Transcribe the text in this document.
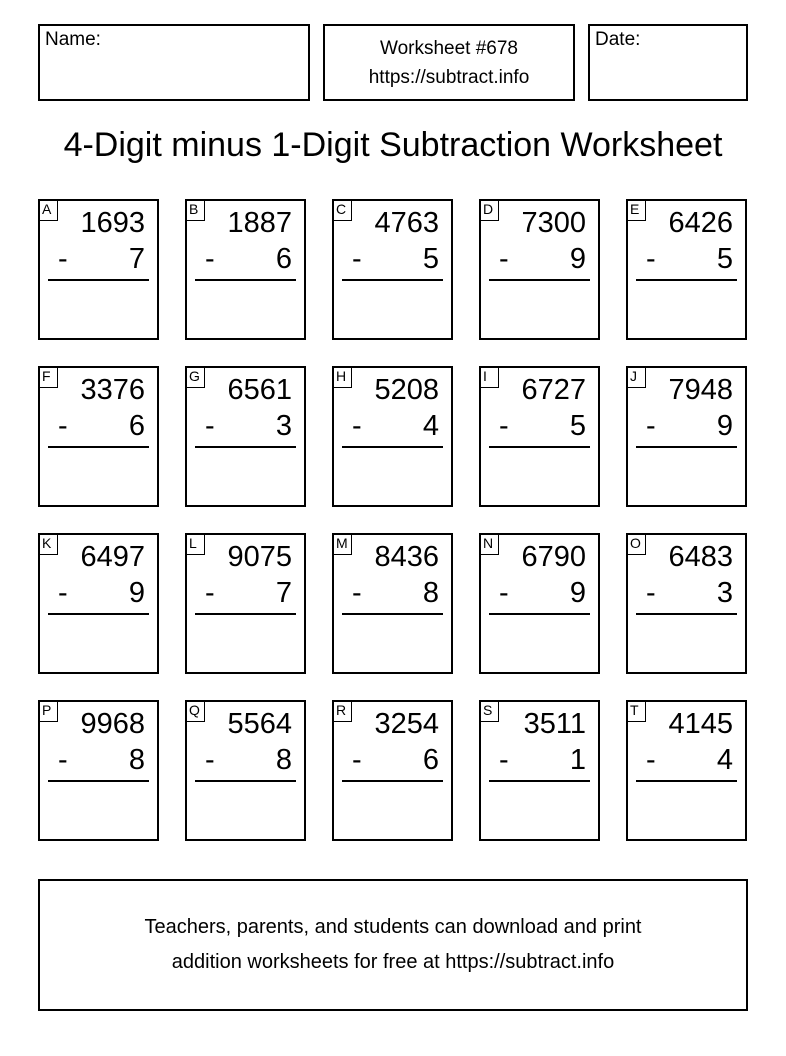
Name:	Worksheet #678
https://subtract.info
Date:
4-Digit minus 1-Digit Subtraction Worksheet
A 1693
- 7
B 1887
- 6
C 4763
- 5
D 7300
- 9
E 6426
- 5
F 3376
- 6
G 6561
- 3
H 5208
- 4
I	6727
- 5
J	7948
- 9
K 6497
- 9
L 9075
- 7
M 8436
- 8
N 6790
- 9
O 6483
- 3
P 9968
- 8
Q 5564
- 8
R 3254
- 6
S 3511
- 1
T 4145
- 4
Teachers, parents, and students can download and print
addition worksheets for free at https://subtract.info
